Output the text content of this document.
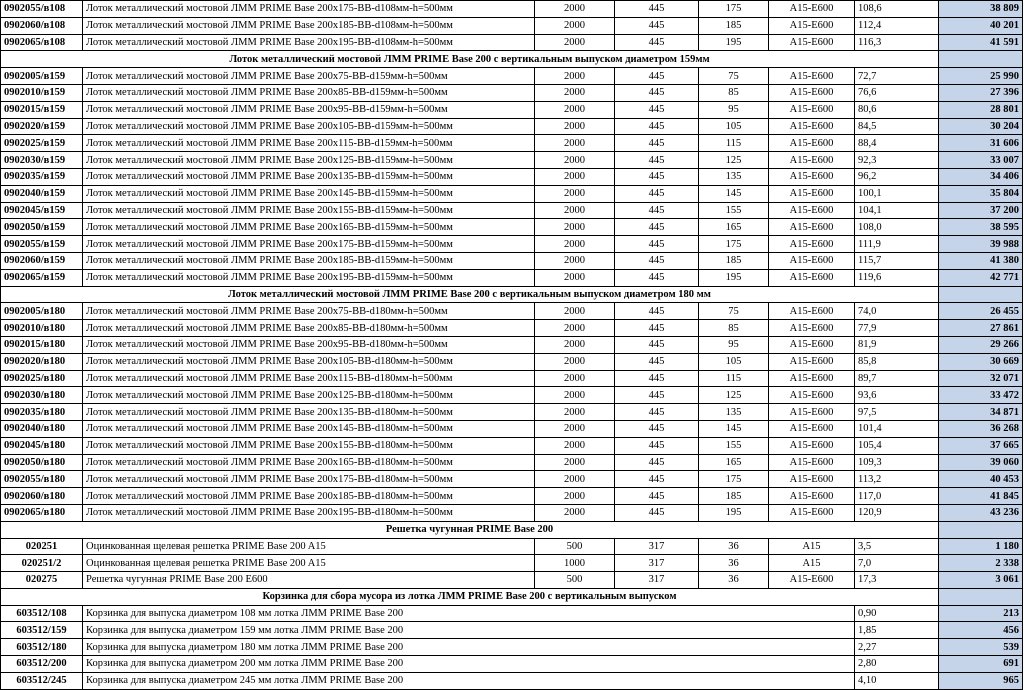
0902055/в108	Лоток металлический мостовой ЛММ PRIME Base 200x175-BB-d108мм-h=500мм	2000	445	175	A15-E600	108,6	38 809
0902060/в108	Лоток металлический мостовой ЛММ PRIME Base 200x185-BB-d108мм-h=500мм	2000	445	185	A15-E600	112,4	40 201
0902065/в108	Лоток металлический мостовой ЛММ PRIME Base 200x195-BB-d108мм-h=500мм	2000	445	195	A15-E600	116,3	41 591
Лоток металлический мостовой ЛММ PRIME Base 200 с вертикальным выпуском диаметром 159мм							
0902005/в159	Лоток металлический мостовой ЛММ PRIME Base 200x75-BB-d159мм-h=500мм	2000	445	75	A15-E600	72,7	25 990
0902010/в159	Лоток металлический мостовой ЛММ PRIME Base 200x85-BB-d159мм-h=500мм	2000	445	85	A15-E600	76,6	27 396
0902015/в159	Лоток металлический мостовой ЛММ PRIME Base 200x95-BB-d159мм-h=500мм	2000	445	95	A15-E600	80,6	28 801
0902020/в159	Лоток металлический мостовой ЛММ PRIME Base 200x105-BB-d159мм-h=500мм	2000	445	105	A15-E600	84,5	30 204
0902025/в159	Лоток металлический мостовой ЛММ PRIME Base 200x115-BB-d159мм-h=500мм	2000	445	115	A15-E600	88,4	31 606
0902030/в159	Лоток металлический мостовой ЛММ PRIME Base 200x125-BB-d159мм-h=500мм	2000	445	125	A15-E600	92,3	33 007
0902035/в159	Лоток металлический мостовой ЛММ PRIME Base 200x135-BB-d159мм-h=500мм	2000	445	135	A15-E600	96,2	34 406
0902040/в159	Лоток металлический мостовой ЛММ PRIME Base 200x145-BB-d159мм-h=500мм	2000	445	145	A15-E600	100,1	35 804
0902045/в159	Лоток металлический мостовой ЛММ PRIME Base 200x155-BB-d159мм-h=500мм	2000	445	155	A15-E600	104,1	37 200
0902050/в159	Лоток металлический мостовой ЛММ PRIME Base 200x165-BB-d159мм-h=500мм	2000	445	165	A15-E600	108,0	38 595
0902055/в159	Лоток металлический мостовой ЛММ PRIME Base 200x175-BB-d159мм-h=500мм	2000	445	175	A15-E600	111,9	39 988
0902060/в159	Лоток металлический мостовой ЛММ PRIME Base 200x185-BB-d159мм-h=500мм	2000	445	185	A15-E600	115,7	41 380
0902065/в159	Лоток металлический мостовой ЛММ PRIME Base 200x195-BB-d159мм-h=500мм	2000	445	195	A15-E600	119,6	42 771
Лоток металлический мостовой ЛММ PRIME Base 200 с вертикальным выпуском диаметром 180 мм							
0902005/в180	Лоток металлический мостовой ЛММ PRIME Base 200x75-BB-d180мм-h=500мм	2000	445	75	A15-E600	74,0	26 455
0902010/в180	Лоток металлический мостовой ЛММ PRIME Base 200x85-BB-d180мм-h=500мм	2000	445	85	A15-E600	77,9	27 861
0902015/в180	Лоток металлический мостовой ЛММ PRIME Base 200x95-BB-d180мм-h=500мм	2000	445	95	A15-E600	81,9	29 266
0902020/в180	Лоток металлический мостовой ЛММ PRIME Base 200x105-BB-d180мм-h=500мм	2000	445	105	A15-E600	85,8	30 669
0902025/в180	Лоток металлический мостовой ЛММ PRIME Base 200x115-BB-d180мм-h=500мм	2000	445	115	A15-E600	89,7	32 071
0902030/в180	Лоток металлический мостовой ЛММ PRIME Base 200x125-BB-d180мм-h=500мм	2000	445	125	A15-E600	93,6	33 472
0902035/в180	Лоток металлический мостовой ЛММ PRIME Base 200x135-BB-d180мм-h=500мм	2000	445	135	A15-E600	97,5	34 871
0902040/в180	Лоток металлический мостовой ЛММ PRIME Base 200x145-BB-d180мм-h=500мм	2000	445	145	A15-E600	101,4	36 268
0902045/в180	Лоток металлический мостовой ЛММ PRIME Base 200x155-BB-d180мм-h=500мм	2000	445	155	A15-E600	105,4	37 665
0902050/в180	Лоток металлический мостовой ЛММ PRIME Base 200x165-BB-d180мм-h=500мм	2000	445	165	A15-E600	109,3	39 060
0902055/в180	Лоток металлический мостовой ЛММ PRIME Base 200x175-BB-d180мм-h=500мм	2000	445	175	A15-E600	113,2	40 453
0902060/в180	Лоток металлический мостовой ЛММ PRIME Base 200x185-BB-d180мм-h=500мм	2000	445	185	A15-E600	117,0	41 845
0902065/в180	Лоток металлический мостовой ЛММ PRIME Base 200x195-BB-d180мм-h=500мм	2000	445	195	A15-E600	120,9	43 236
Решетка чугунная PRIME Base 200							
020251	Оцинкованная щелевая решетка PRIME Base 200 A15	500	317	36	A15	3,5	1 180
020251/2	Оцинкованная щелевая решетка PRIME Base 200 A15	1000	317	36	A15	7,0	2 338
020275	Решетка чугунная PRIME Base 200 E600	500	317	36	A15-E600	17,3	3 061
Корзинка для сбора мусора из лотка ЛММ PRIME Base 200 с вертикальным выпуском							
603512/108	Корзинка для выпуска диаметром 108 мм лотка ЛММ PRIME Base 200					0,90	213
603512/159	Корзинка для выпуска диаметром 159 мм лотка ЛММ PRIME Base 200					1,85	456
603512/180	Корзинка для выпуска диаметром 180 мм лотка ЛММ PRIME Base 200					2,27	539
603512/200	Корзинка для выпуска диаметром 200 мм лотка ЛММ PRIME Base 200					2,80	691
603512/245	Корзинка для выпуска диаметром 245 мм лотка ЛММ PRIME Base 200					4,10	965
